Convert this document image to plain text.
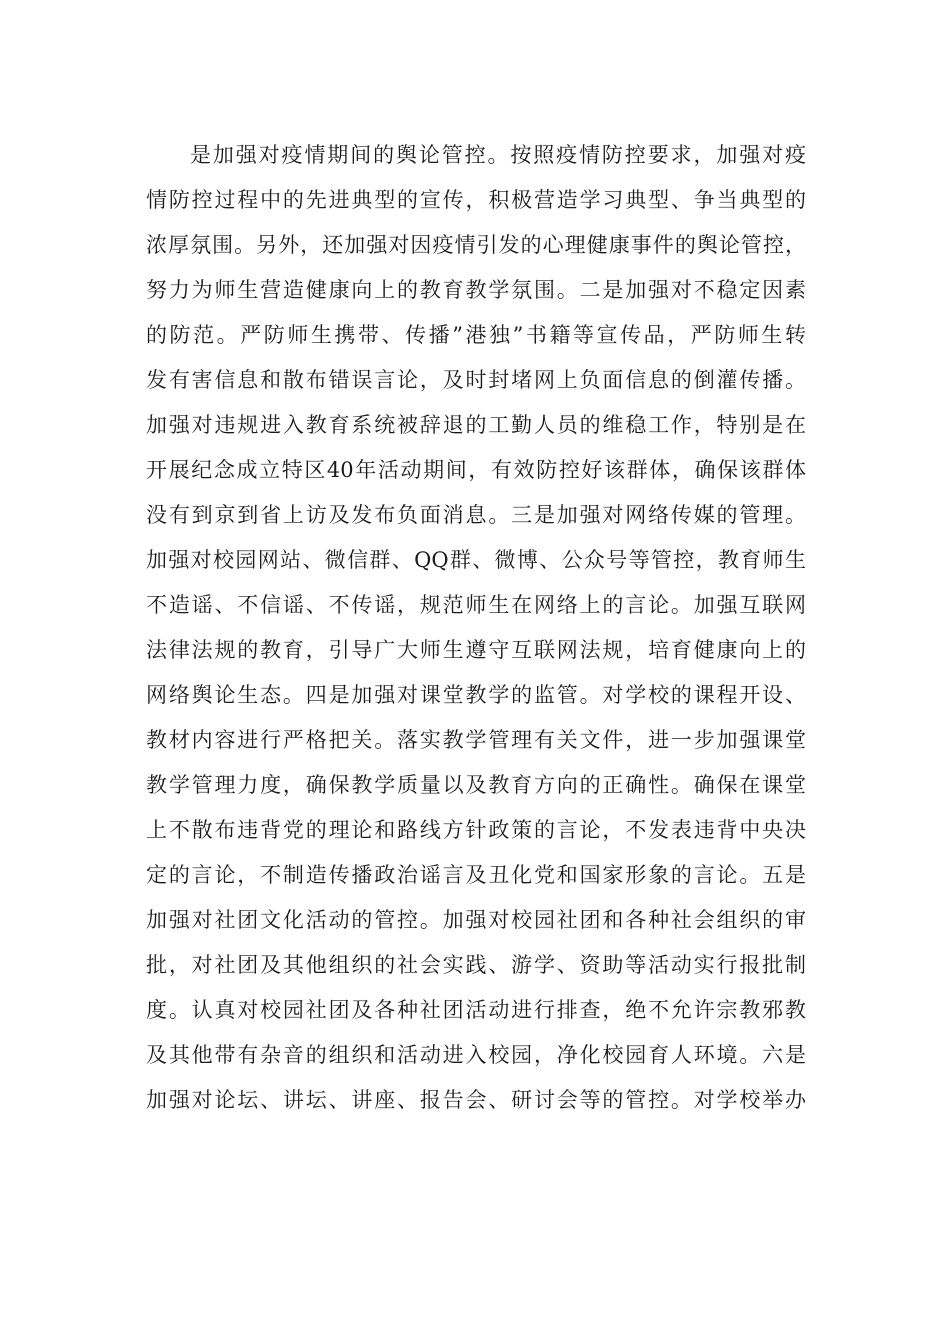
是加强对疫情期间的舆论管控。按照疫情防控要求，加强对疫
情防控过程中的先进典型的宣传，积极营造学习典型、争当典型的
浓厚氛围。另外，还加强对因疫情引发的心理健康事件的舆论管控，
努力为师生营造健康向上的教育教学氛围。二是加强对不稳定因素
的防范。严防师生携带、传播”港独”书籍等宣传品，严防师生转
发有害信息和散布错误言论，及时封堵网上负面信息的倒灌传播。
加强对违规进入教育系统被辞退的工勤人员的维稳工作，特别是在
开展纪念成立特区40年活动期间，有效防控好该群体，确保该群体
没有到京到省上访及发布负面消息。三是加强对网络传媒的管理。
加强对校园网站、微信群、QQ群、微博、公众号等管控，教育师生
不造谣、不信谣、不传谣，规范师生在网络上的言论。加强互联网
法律法规的教育，引导广大师生遵守互联网法规，培育健康向上的
网络舆论生态。四是加强对课堂教学的监管。对学校的课程开设、
教材内容进行严格把关。落实教学管理有关文件，进一步加强课堂
教学管理力度，确保教学质量以及教育方向的正确性。确保在课堂
上不散布违背党的理论和路线方针政策的言论，不发表违背中央决
定的言论，不制造传播政治谣言及丑化党和国家形象的言论。五是
加强对社团文化活动的管控。加强对校园社团和各种社会组织的审
批，对社团及其他组织的社会实践、游学、资助等活动实行报批制
度。认真对校园社团及各种社团活动进行排查，绝不允许宗教邪教
及其他带有杂音的组织和活动进入校园，净化校园育人环境。六是
加强对论坛、讲坛、讲座、报告会、研讨会等的管控。对学校举办
